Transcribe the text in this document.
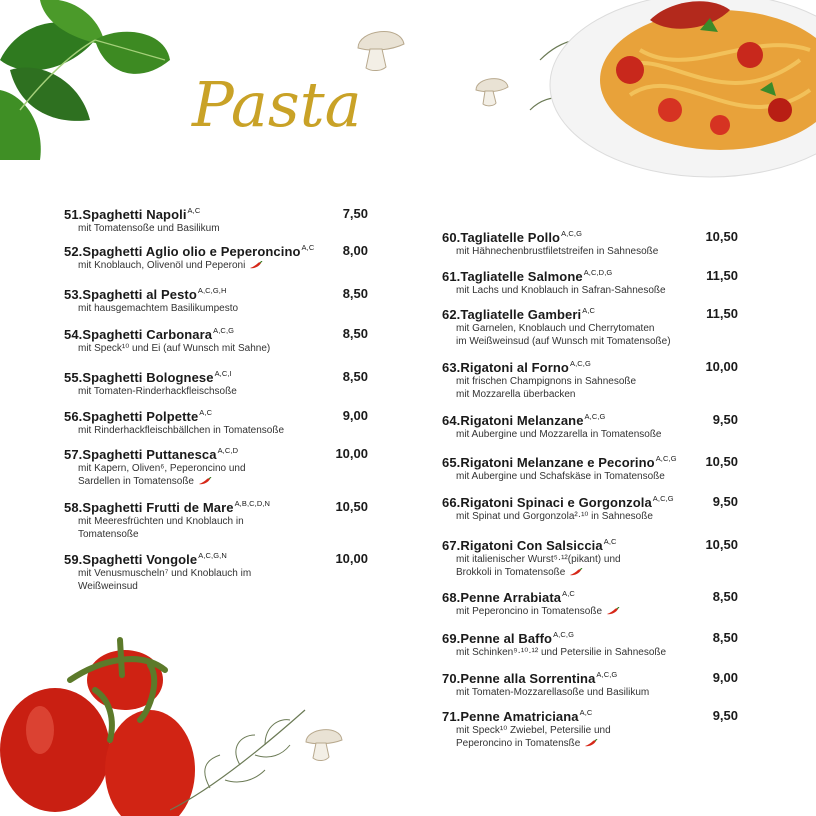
Pasta
51.Spaghetti Napoli$^{A,C}$
mit Tomatensoße und Basilikum
7,50
52.Spaghetti Aglio olio e Peperoncino$^{A,C}$
mit Knoblauch, Olivenöl und Peperoni
8,00
53.Spaghetti al Pesto$^{A,C,G,H}$
mit hausgemachtem Basilikumpesto
8,50
54.Spaghetti Carbonara$^{A,C,G}$
mit Speck¹⁰ und Ei (auf Wunsch mit Sahne)
8,50
55.Spaghetti Bolognese$^{A,C,I}$
mit Tomaten-Rinderhackfleischsoße
8,50
56.Spaghetti Polpette$^{A,C}$
mit Rinderhackfleischbällchen in Tomatensoße
9,00
57.Spaghetti Puttanesca$^{A,C,D}$
mit Kapern, Oliven⁶, Peperoncino und
Sardellen in Tomatensoße
10,00
58.Spaghetti Frutti de Mare$^{A,B,C,D,N}$
mit Meeresfrüchten und Knoblauch in
Tomatensoße
10,50
59.Spaghetti Vongole$^{A,C,G,N}$
mit Venusmuscheln⁷ und Knoblauch im
Weißweinsud
10,00
60.Tagliatelle Pollo$^{A,C,G}$
mit Hähnechenbrustfiletstreifen in Sahnesoße
10,50
61.Tagliatelle Salmone$^{A,C,D,G}$
mit Lachs und Knoblauch in Safran-Sahnesoße
11,50
62.Tagliatelle Gamberi$^{A,C}$
mit Garnelen, Knoblauch und Cherrytomaten
im Weißweinsud (auf Wunsch mit Tomatensoße)
11,50
63.Rigatoni al Forno$^{A,C,G}$
mit frischen Champignons in Sahnesoße
mit Mozzarella überbacken
10,00
64.Rigatoni Melanzane$^{A,C,G}$
mit Aubergine und Mozzarella in Tomatensoße
9,50
65.Rigatoni Melanzane e Pecorino$^{A,C,G}$
mit Aubergine und Schafskäse in Tomatensoße
10,50
66.Rigatoni Spinaci e Gorgonzola$^{A,C,G}$
mit Spinat und Gorgonzola²·¹⁰ in Sahnesoße
9,50
67.Rigatoni Con Salsiccia$^{A,C}$
mit italienischer Wurst⁵·¹²(pikant) und
Brokkoli in Tomatensoße
10,50
68.Penne Arrabiata$^{A,C}$
mit Peperoncino in Tomatensoße
8,50
69.Penne al Baffo$^{A,C,G}$
mit Schinken⁹·¹⁰·¹² und Petersilie in Sahnesoße
8,50
70.Penne alla Sorrentina$^{A,C,G}$
mit Tomaten-Mozzarellasoße und Basilikum
9,00
71.Penne Amatriciana$^{A,C}$
mit Speck¹⁰ Zwiebel, Petersilie und
Peperoncino in Tomatensße
9,50
